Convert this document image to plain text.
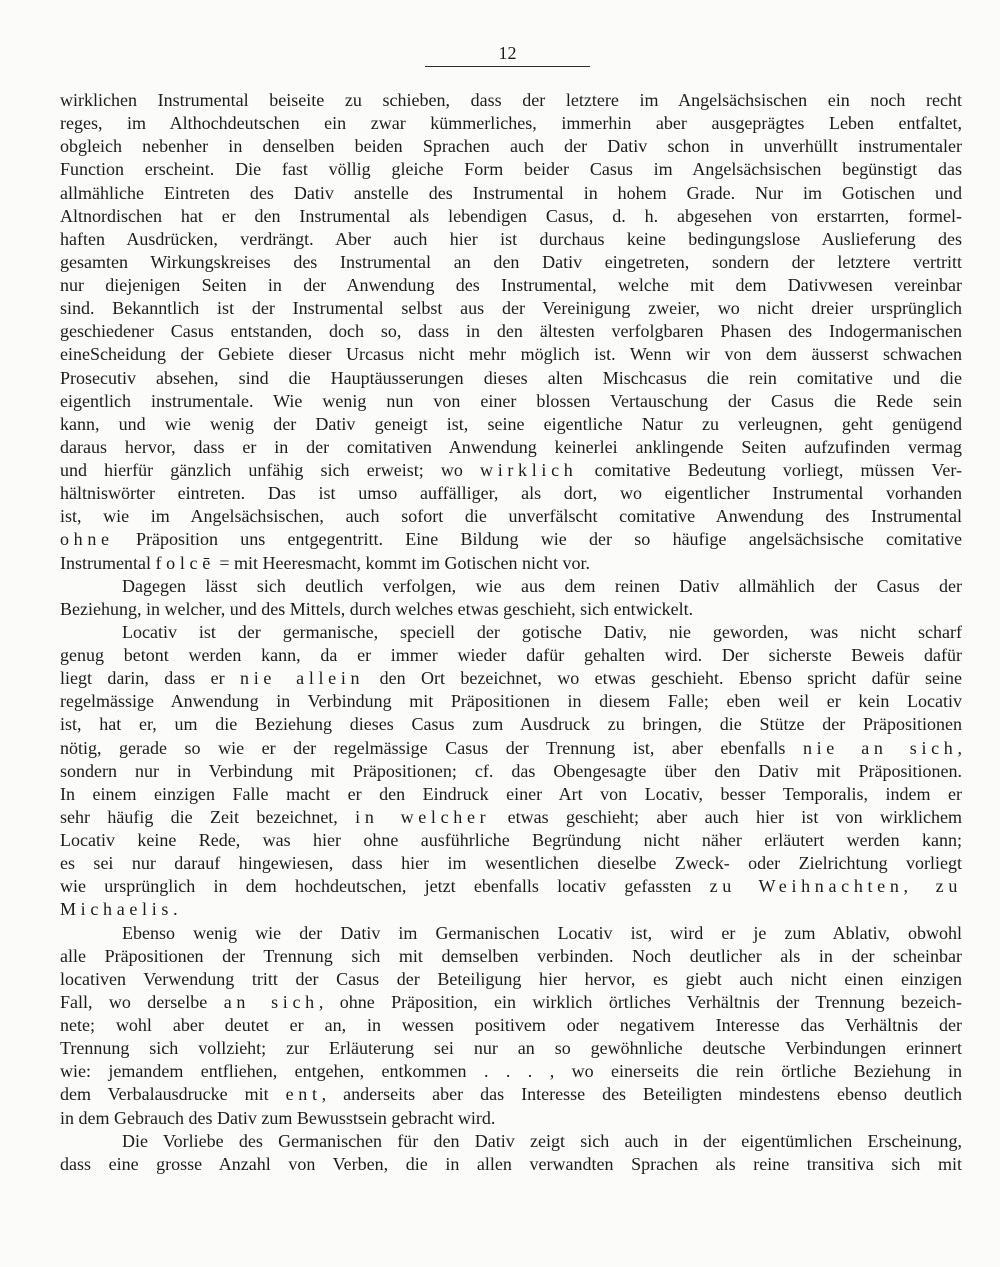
12
wirklichen Instrumental beiseite zu schieben, dass der letztere im Angelsächsischen ein noch recht
reges, im Althochdeutschen ein zwar kümmerliches, immerhin aber ausgeprägtes Leben entfaltet,
obgleich nebenher in denselben beiden Sprachen auch der Dativ schon in unverhüllt instrumentaler
Function erscheint. Die fast völlig gleiche Form beider Casus im Angelsächsischen begünstigt das
allmähliche Eintreten des Dativ anstelle des Instrumental in hohem Grade. Nur im Gotischen und
Altnordischen hat er den Instrumental als lebendigen Casus, d. h. abgesehen von erstarrten, formel-
haften Ausdrücken, verdrängt. Aber auch hier ist durchaus keine bedingungslose Auslieferung des
gesamten Wirkungskreises des Instrumental an den Dativ eingetreten, sondern der letztere vertritt
nur diejenigen Seiten in der Anwendung des Instrumental, welche mit dem Dativwesen vereinbar
sind. Bekanntlich ist der Instrumental selbst aus der Vereinigung zweier, wo nicht dreier ursprünglich
geschiedener Casus entstanden, doch so, dass in den ältesten verfolgbaren Phasen des Indogermanischen
eineScheidung der Gebiete dieser Urcasus nicht mehr möglich ist. Wenn wir von dem äusserst schwachen
Prosecutiv absehen, sind die Hauptäusserungen dieses alten Mischcasus die rein comitative und die
eigentlich instrumentale. Wie wenig nun von einer blossen Vertauschung der Casus die Rede sein
kann, und wie wenig der Dativ geneigt ist, seine eigentliche Natur zu verleugnen, geht genügend
daraus hervor, dass er in der comitativen Anwendung keinerlei anklingende Seiten aufzufinden vermag
und hierfür gänzlich unfähig sich erweist; wo wirklich comitative Bedeutung vorliegt, müssen Ver-
hältniswörter eintreten. Das ist umso auffälliger, als dort, wo eigentlicher Instrumental vorhanden
ist, wie im Angelsächsischen, auch sofort die unverfälscht comitative Anwendung des Instrumental
ohne Präposition uns entgegentritt. Eine Bildung wie der so häufige angelsächsische comitative
Instrumental folcē = mit Heeresmacht, kommt im Gotischen nicht vor.
Dagegen lässt sich deutlich verfolgen, wie aus dem reinen Dativ allmählich der Casus der
Beziehung, in welcher, und des Mittels, durch welches etwas geschieht, sich entwickelt.
Locativ ist der germanische, speciell der gotische Dativ, nie geworden, was nicht scharf
genug betont werden kann, da er immer wieder dafür gehalten wird. Der sicherste Beweis dafür
liegt darin, dass er nie allein den Ort bezeichnet, wo etwas geschieht. Ebenso spricht dafür seine
regelmässige Anwendung in Verbindung mit Präpositionen in diesem Falle; eben weil er kein Locativ
ist, hat er, um die Beziehung dieses Casus zum Ausdruck zu bringen, die Stütze der Präpositionen
nötig, gerade so wie er der regelmässige Casus der Trennung ist, aber ebenfalls nie an sich,
sondern nur in Verbindung mit Präpositionen; cf. das Obengesagte über den Dativ mit Präpositionen.
In einem einzigen Falle macht er den Eindruck einer Art von Locativ, besser Temporalis, indem er
sehr häufig die Zeit bezeichnet, in welcher etwas geschieht; aber auch hier ist von wirklichem
Locativ keine Rede, was hier ohne ausführliche Begründung nicht näher erläutert werden kann;
es sei nur darauf hingewiesen, dass hier im wesentlichen dieselbe Zweck- oder Zielrichtung vorliegt
wie ursprünglich in dem hochdeutschen, jetzt ebenfalls locativ gefassten zu Weihnachten, zu
Michaelis.
Ebenso wenig wie der Dativ im Germanischen Locativ ist, wird er je zum Ablativ, obwohl
alle Präpositionen der Trennung sich mit demselben verbinden. Noch deutlicher als in der scheinbar
locativen Verwendung tritt der Casus der Beteiligung hier hervor, es giebt auch nicht einen einzigen
Fall, wo derselbe an sich, ohne Präposition, ein wirklich örtliches Verhältnis der Trennung bezeich-
nete; wohl aber deutet er an, in wessen positivem oder negativem Interesse das Verhältnis der
Trennung sich vollzieht; zur Erläuterung sei nur an so gewöhnliche deutsche Verbindungen erinnert
wie: jemandem entfliehen, entgehen, entkommen . . . , wo einerseits die rein örtliche Beziehung in
dem Verbalausdrucke mit ent, anderseits aber das Interesse des Beteiligten mindestens ebenso deutlich
in dem Gebrauch des Dativ zum Bewusstsein gebracht wird.
Die Vorliebe des Germanischen für den Dativ zeigt sich auch in der eigentümlichen Erscheinung,
dass eine grosse Anzahl von Verben, die in allen verwandten Sprachen als reine transitiva sich mit
